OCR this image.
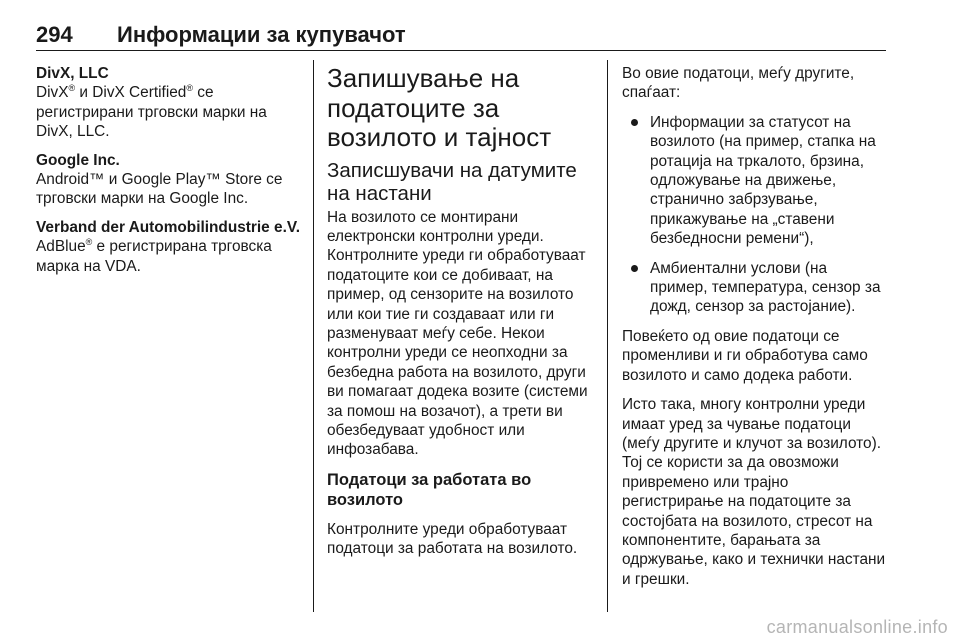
294 Информации за купувачот
DivX, LLC
DivX® и DivX Certified® се регистрирани трговски марки на DivX, LLC.
Google Inc.
Android™ и Google Play™ Store се трговски марки на Google Inc.
Verband der Automobilindustrie e.V.
AdBlue® е регистрирана трговска марка на VDA.
Запишување на податоците за возилото и тајност
Записшувачи на датумите на настани

На возилото се монтирани електронски контролни уреди. Контролните уреди ги обработуваат податоците кои се добиваат, на пример, од сензорите на возилото или кои тие ги создаваат или ги разменуваат меѓу себе. Некои контролни уреди се неопходни за безбедна работа на возилото, други ви помагаат додека возите (системи за помош на возачот), а трети ви обезбедуваат удобност или инфозабава.

Податоци за работата во возилото

Контролните уреди обработуваат податоци за работата на возилото.

Во овие податоци, меѓу другите, спаѓаат:

Информации за статусот на возилото (на пример, стапка на ротација на тркалото, брзина, одложување на движење, странично забрзување, прикажување на „ставени безбедносни ремени“),
Амбиентални услови (на пример, температура, сензор за дожд, сензор за растојание).

Повеќето од овие податоци се променливи и ги обработува само возилото и само додека работи.

Исто така, многу контролни уреди имаат уред за чување податоци (меѓу другите и клучот за возилото). Тој се користи за да овозможи привремено или трајно регистрирање на податоците за состојбата на возилото, стресот на компонентите, барањата за одржување, како и технички настани и грешки.

carmanualsonline.info
